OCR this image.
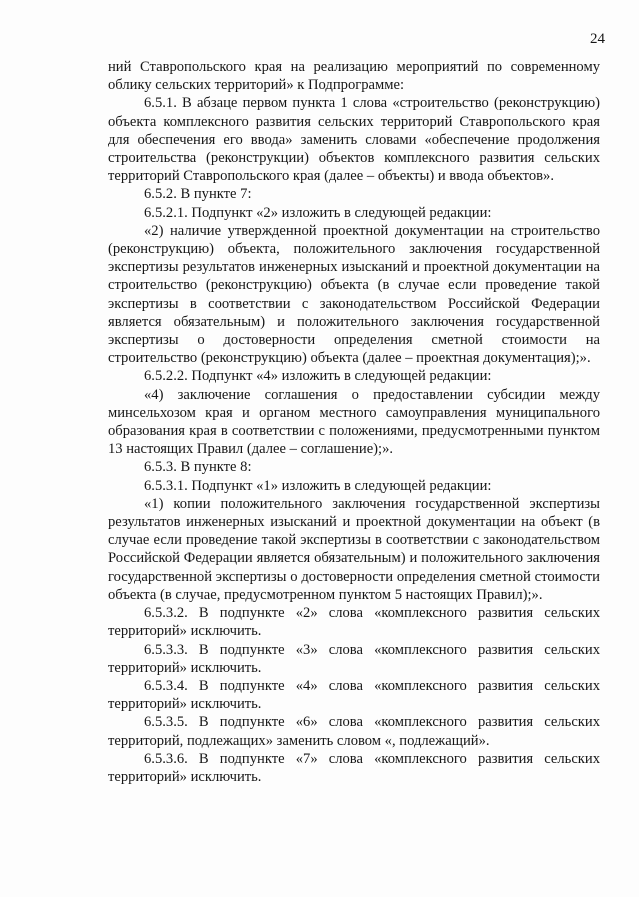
24

ний Ставропольского края на реализацию мероприятий по современному облику сельских территорий» к Подпрограмме:

6.5.1. В абзаце первом пункта 1 слова «строительство (реконструкцию) объекта комплексного развития сельских территорий Ставропольского края для обеспечения его ввода» заменить словами «обеспечение продолжения строительства (реконструкции) объектов комплексного развития сельских территорий Ставропольского края (далее – объекты) и ввода объектов».

6.5.2. В пункте 7:

6.5.2.1. Подпункт «2» изложить в следующей редакции:

«2) наличие утвержденной проектной документации на строительство (реконструкцию) объекта, положительного заключения государственной экспертизы результатов инженерных изысканий и проектной документации на строительство (реконструкцию) объекта (в случае если проведение такой экспертизы в соответствии с законодательством Российской Федерации является обязательным) и положительного заключения государственной экспертизы о достоверности определения сметной стоимости на строительство (реконструкцию) объекта (далее – проектная документация);».

6.5.2.2. Подпункт «4» изложить в следующей редакции:

«4) заключение соглашения о предоставлении субсидии между минсельхозом края и органом местного самоуправления муниципального образования края в соответствии с положениями, предусмотренными пунктом 13 настоящих Правил (далее – соглашение);».

6.5.3. В пункте 8:

6.5.3.1. Подпункт «1» изложить в следующей редакции:

«1) копии положительного заключения государственной экспертизы результатов инженерных изысканий и проектной документации на объект (в случае если проведение такой экспертизы в соответствии с законодательством Российской Федерации является обязательным) и положительного заключения государственной экспертизы о достоверности определения сметной стоимости объекта (в случае, предусмотренном пунктом 5 настоящих Правил);».

6.5.3.2. В подпункте «2» слова «комплексного развития сельских территорий» исключить.

6.5.3.3. В подпункте «3» слова «комплексного развития сельских территорий» исключить.

6.5.3.4. В подпункте «4» слова «комплексного развития сельских территорий» исключить.

6.5.3.5. В подпункте «6» слова «комплексного развития сельских территорий, подлежащих» заменить словом «, подлежащий».

6.5.3.6. В подпункте «7» слова «комплексного развития сельских территорий» исключить.
